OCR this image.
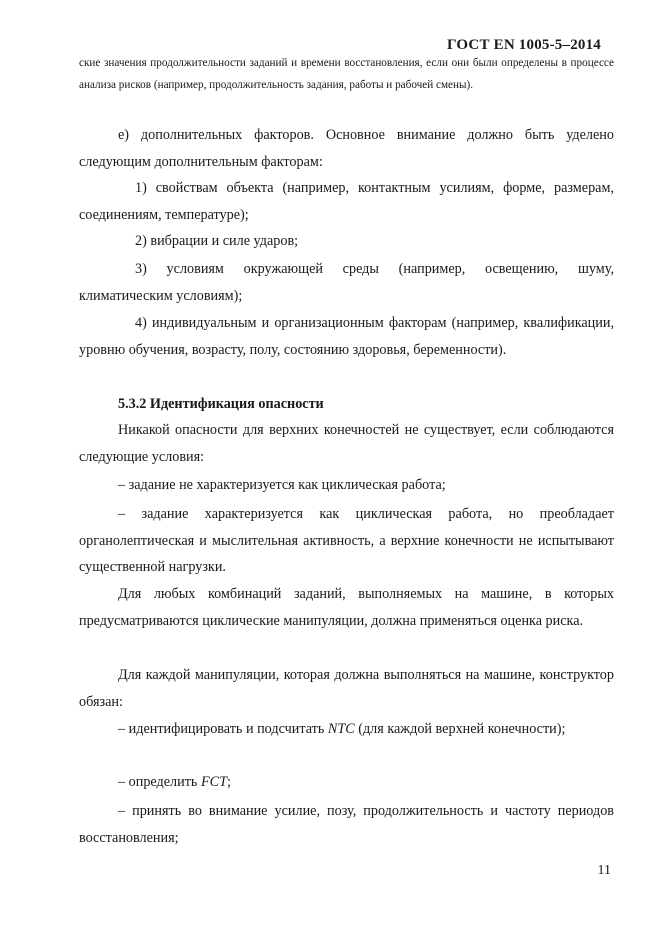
ГОСТ EN 1005-5–2014
ские значения продолжительности заданий и времени восстановления, если они были определены в процессе анализа рисков (например, продолжительность задания, работы и рабочей смены).
е) дополнительных факторов. Основное внимание должно быть уделено следующим дополнительным факторам:
1) свойствам объекта (например, контактным усилиям, форме, размерам, соединениям, температуре);
2) вибрации и силе ударов;
3) условиям окружающей среды (например, освещению, шуму, климатическим условиям);
4) индивидуальным и организационным факторам (например, квалификации, уровню обучения, возрасту, полу, состоянию здоровья, беременности).
5.3.2 Идентификация опасности
Никакой опасности для верхних конечностей не существует, если соблюдаются следующие условия:
– задание не характеризуется как циклическая работа;
– задание характеризуется как циклическая работа, но преобладает органолептическая и мыслительная активность, а верхние конечности не испытывают существенной нагрузки.
Для любых комбинаций заданий, выполняемых на машине, в которых предусматриваются циклические манипуляции, должна применяться оценка риска.
Для каждой манипуляции, которая должна выполняться на машине, конструктор обязан:
– идентифицировать и подсчитать NTC (для каждой верхней конечности);
– определить FCT;
– принять во внимание усилие, позу, продолжительность и частоту периодов восстановления;
11
